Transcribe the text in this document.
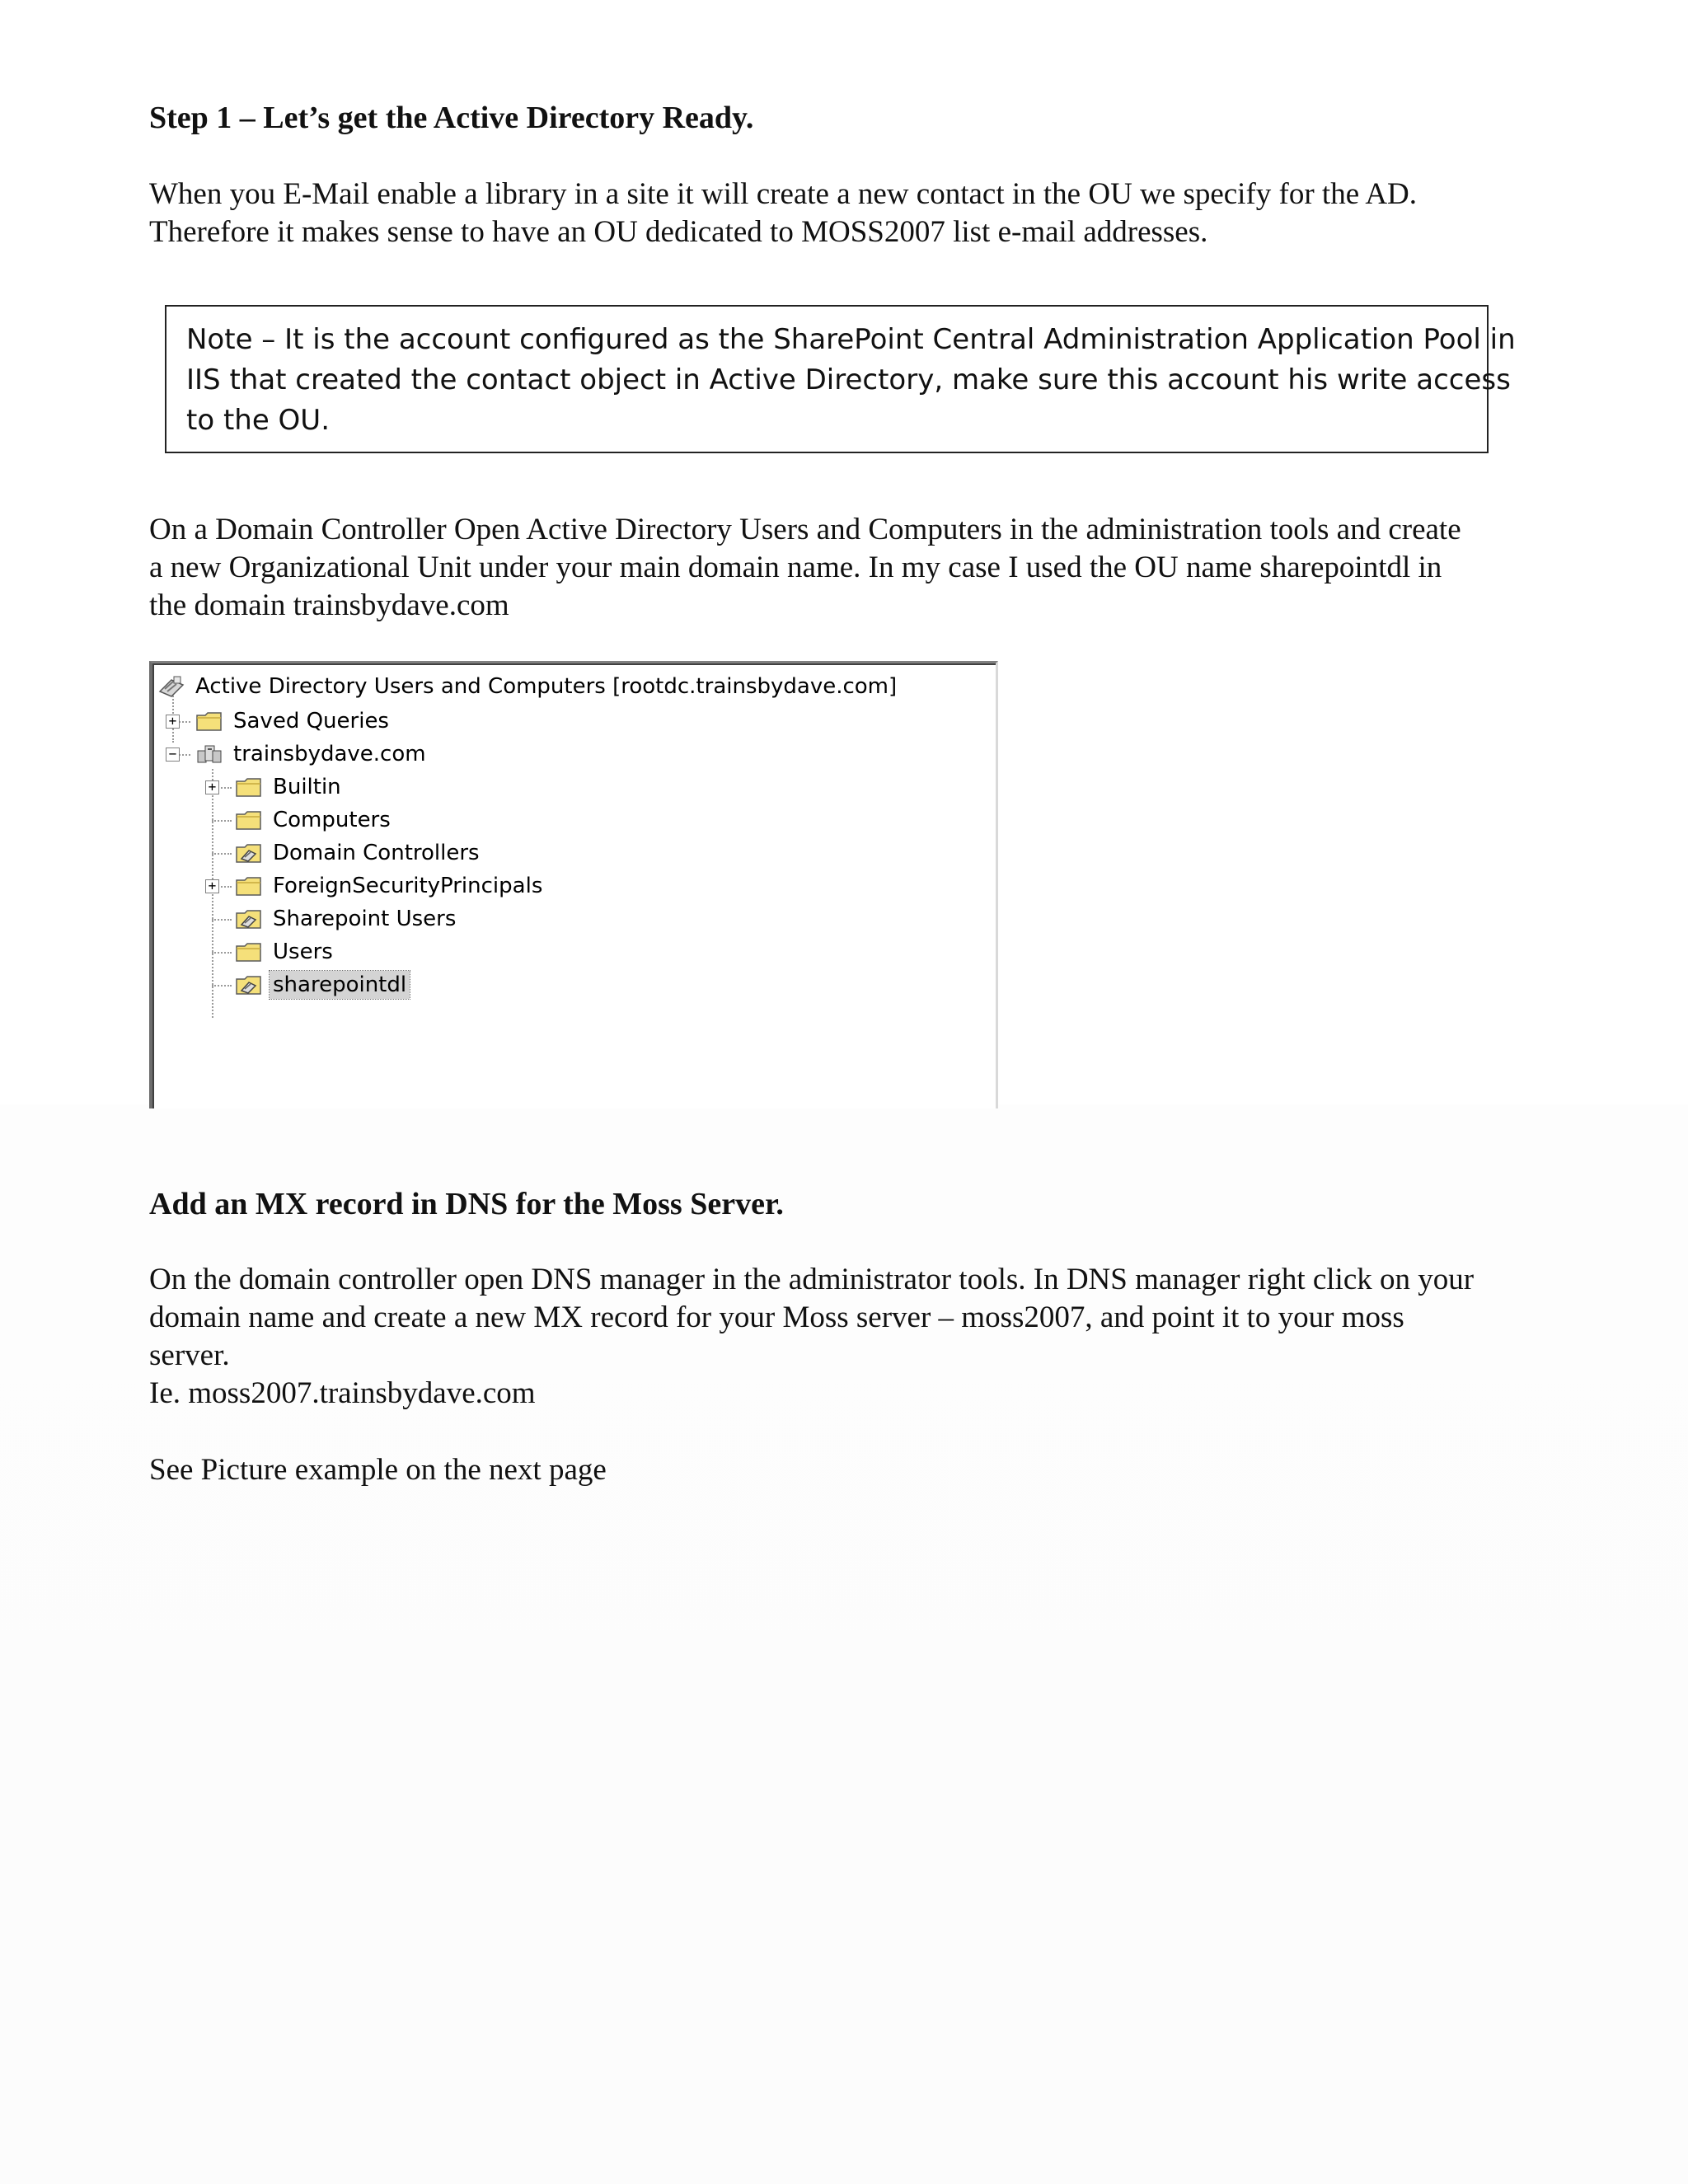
Step 1 – Let’s get the Active Directory Ready.

When you E-Mail enable a library in a site it will create a new contact in the OU we specify for the AD.
Therefore it makes sense to have an OU dedicated to MOSS2007 list e-mail addresses.

Note – It is the account configured as the SharePoint Central Administration Application Pool in
IIS that created the contact object in Active Directory, make sure this account his write access
to the OU.

On a Domain Controller Open Active Directory Users and Computers in the administration tools and create
a new Organizational Unit under your main domain name. In my case I used the OU name sharepointdl in
the domain trainsbydave.com

Active Directory Users and Computers [rootdc.trainsbydave.com]
+	Saved Queries
−	trainsbydave.com
+	Builtin
Computers
Domain Controllers
+	ForeignSecurityPrincipals
Sharepoint Users
Users
sharepointdl
Add an MX record in DNS for the Moss Server.

On the domain controller open DNS manager in the administrator tools. In DNS manager right click on your
domain name and create a new MX record for your Moss server – moss2007, and point it to your moss
server.
Ie. moss2007.trainsbydave.com

See Picture example on the next page
